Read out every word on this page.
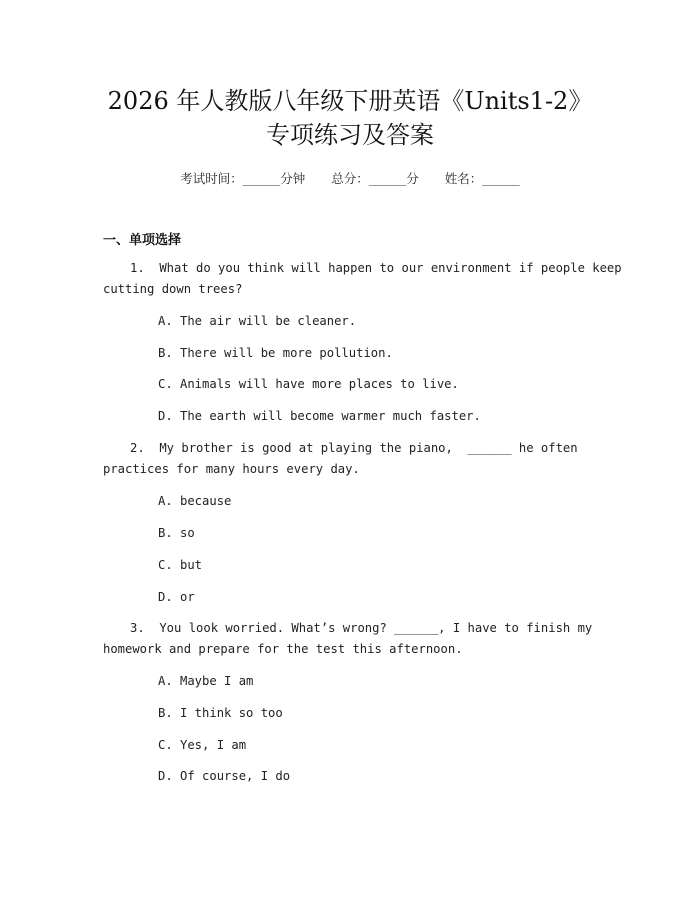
2026 年人教版八年级下册英语《Units1-2》
专项练习及答案
考试时间：______分钟 总分：______分 姓名：______
一、单项选择
1.  What do you think will happen to our environment if people keep
cutting down trees?
A. The air will be cleaner.
B. There will be more pollution.
C. Animals will have more places to live.
D. The earth will become warmer much faster.
2.  My brother is good at playing the piano,  ______ he often
practices for many hours every day.
A. because
B. so
C. but
D. or
3.  You look worried. What’s wrong? ______, I have to finish my
homework and prepare for the test this afternoon.
A. Maybe I am
B. I think so too
C. Yes, I am
D. Of course, I do
